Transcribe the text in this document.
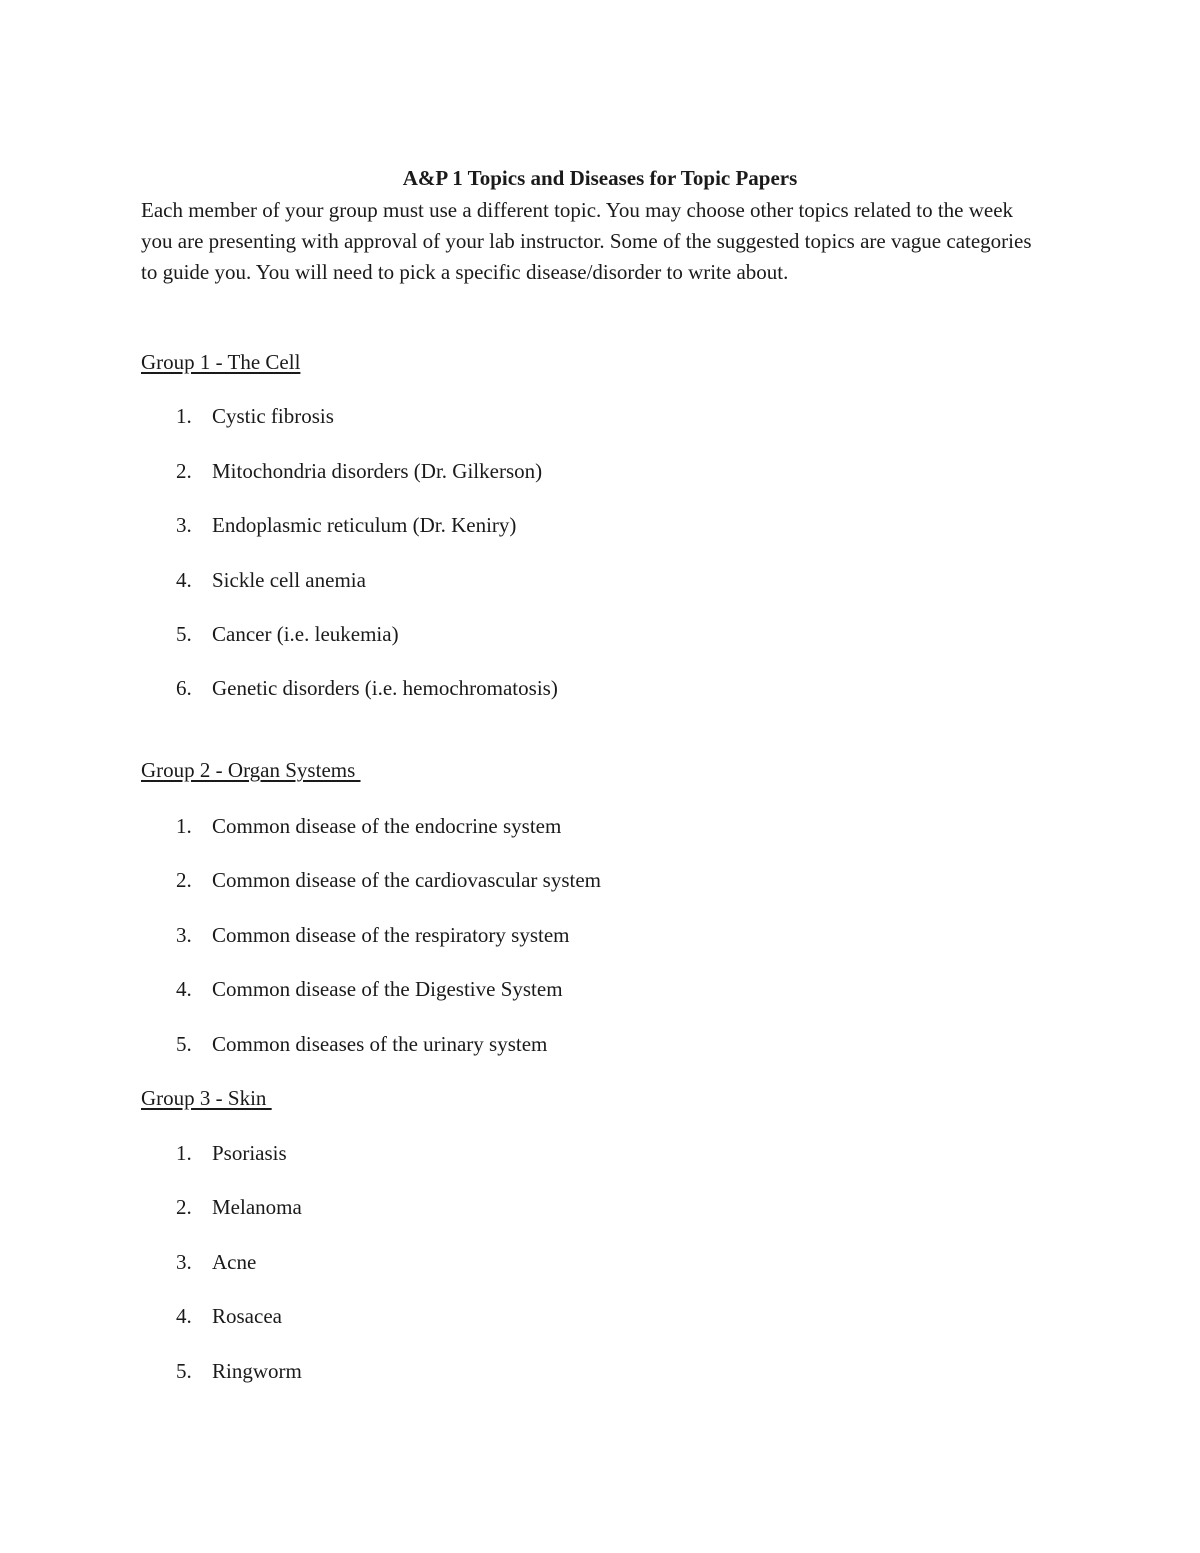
A&P 1 Topics and Diseases for Topic Papers

Each member of your group must use a different topic. You may choose other topics related to the week you are presenting with approval of your lab instructor. Some of the suggested topics are vague categories to guide you. You will need to pick a specific disease/disorder to write about.

Group 1 - The Cell
1. Cystic fibrosis
2. Mitochondria disorders (Dr. Gilkerson)
3. Endoplasmic reticulum (Dr. Keniry)
4. Sickle cell anemia
5. Cancer (i.e. leukemia)
6. Genetic disorders (i.e. hemochromatosis)
Group 2 - Organ Systems
1. Common disease of the endocrine system
2. Common disease of the cardiovascular system
3. Common disease of the respiratory system
4. Common disease of the Digestive System
5. Common diseases of the urinary system
Group 3 - Skin
1. Psoriasis
2. Melanoma
3. Acne
4. Rosacea
5. Ringworm
